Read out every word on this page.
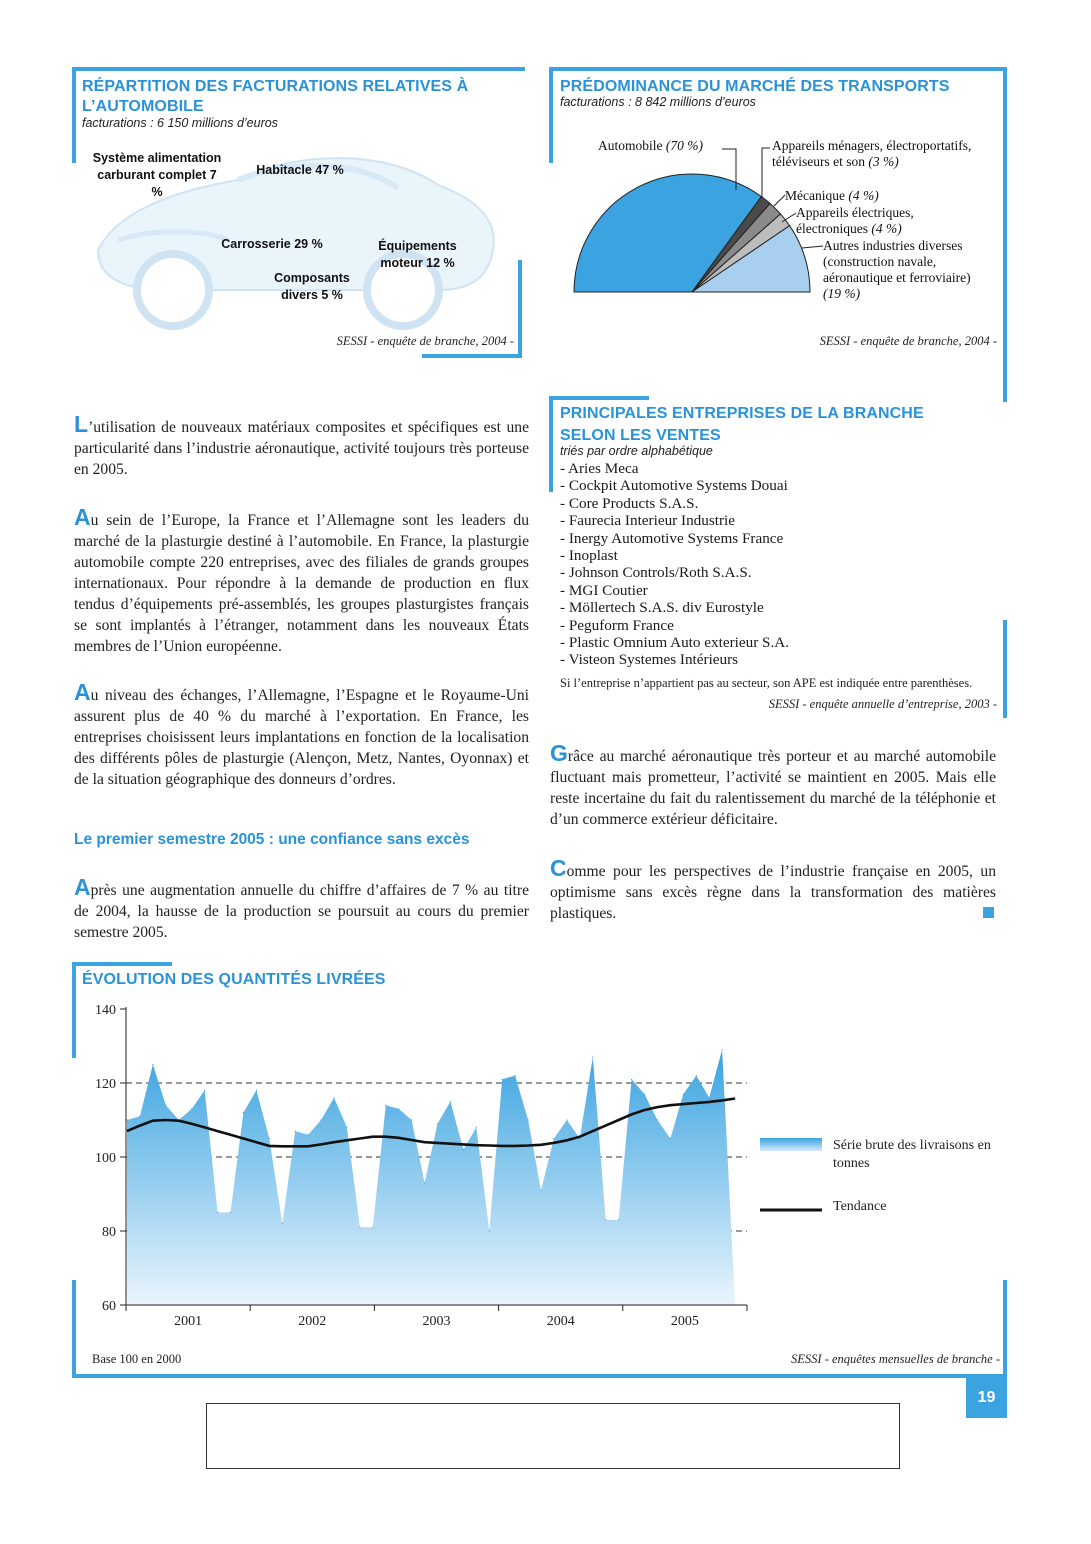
RÉPARTITION DES FACTURATIONS RELATIVES À L’AUTOMOBILE
facturations : 6 150 millions d’euros
Système alimentation carburant complet 7 %
Habitacle 47 %
Carrosserie 29 %	Équipements moteur 12 %
Composants divers 5 %
SESSI - enquête de branche, 2004 -
PRÉDOMINANCE DU MARCHÉ DES TRANSPORTS
facturations : 8 842 millions d’euros
Automobile (70 %)	Appareils ménagers, électroportatifs, téléviseurs et son (3 %)
Mécanique (4 %)
Appareils électriques, électroniques (4 %)
Autres industries diverses (construction navale, aéronautique et ferroviaire) (19 %)
SESSI - enquête de branche, 2004 -

L’utilisation de nouveaux matériaux composites et spécifiques est une particularité dans l’industrie aéronautique, activité toujours très porteuse en 2005.

Au sein de l’Europe, la France et l’Allemagne sont les leaders du marché de la plasturgie destiné à l’automobile. En France, la plasturgie automobile compte 220 entreprises, avec des filiales de grands groupes internationaux. Pour répondre à la demande de production en flux tendus d’équipements pré-assemblés, les groupes plasturgistes français se sont implantés à l’étranger, notamment dans les nouveaux États membres de l’Union européenne.

Au niveau des échanges, l’Allemagne, l’Espagne et le Royaume-Uni assurent plus de 40 % du marché à l’exportation. En France, les entreprises choisissent leurs implantations en fonction de la localisation des différents pôles de plasturgie (Alençon, Metz, Nantes, Oyonnax) et de la situation géographique des donneurs d’ordres.

Le premier semestre 2005 : une confiance sans excès

Après une augmentation annuelle du chiffre d’affaires de 7 % au titre de 2004, la hausse de la production se poursuit au cours du premier semestre 2005.

PRINCIPALES ENTREPRISES DE LA BRANCHE SELON LES VENTES
triés par ordre alphabétique
- Aries Meca
- Cockpit Automotive Systems Douai
- Core Products S.A.S.
- Faurecia Interieur Industrie
- Inergy Automotive Systems France
- Inoplast
- Johnson Controls/Roth S.A.S.
- MGI Coutier
- Möllertech S.A.S. div Eurostyle
- Peguform France
- Plastic Omnium Auto exterieur S.A.
- Visteon Systemes Intérieurs
Si l’entreprise n’appartient pas au secteur, son APE est indiquée entre parenthèses.
SESSI - enquête annuelle d’entreprise, 2003 -

Grâce au marché aéronautique très porteur et au marché automobile fluctuant mais prometteur, l’activité se maintient en 2005. Mais elle reste incertaine du fait du ralentissement du marché de la téléphonie et d’un commerce extérieur déficitaire.

Comme pour les perspectives de l’industrie française en 2005, un optimisme sans excès règne dans la transformation des matières plastiques.

ÉVOLUTION DES QUANTITÉS LIVRÉES
60
80
100
120
140
2001	2002	2003	2004	2005
Série brute des livraisons en tonnes
Tendance
Base 100 en 2000	SESSI - enquêtes mensuelles de branche -
19
